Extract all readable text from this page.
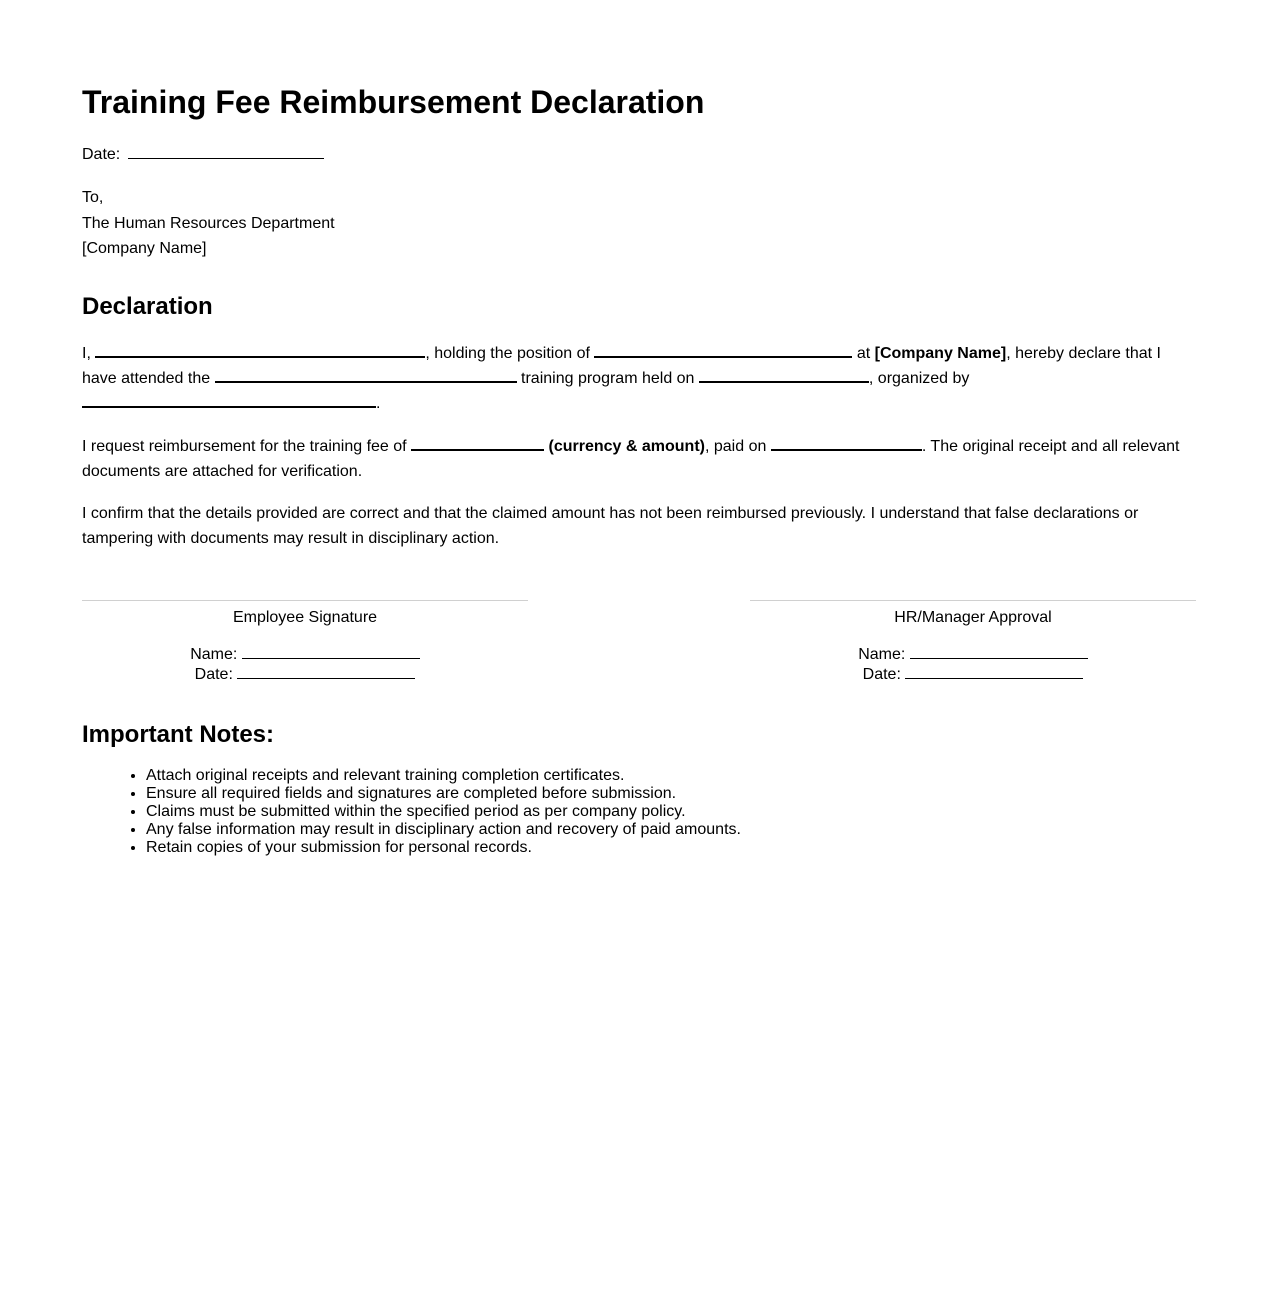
Training Fee Reimbursement Declaration
Date:
To,
The Human Resources Department
[Company Name]
Declaration

I,	, holding the position of	at [Company Name], hereby declare that I have attended the	training program held on	, organized by
.

I request reimbursement for the training fee of	(currency & amount), paid on	. The original receipt and all relevant documents are attached for verification.

I confirm that the details provided are correct and that the claimed amount has not been reimbursed previously. I understand that false declarations or tampering with documents may result in disciplinary action.

Employee Signature
Name:
Date:
HR/Manager Approval
Name:
Date:
Important Notes:
• Attach original receipts and relevant training completion certificates.
• Ensure all required fields and signatures are completed before submission.
• Claims must be submitted within the specified period as per company policy.
• Any false information may result in disciplinary action and recovery of paid amounts.
• Retain copies of your submission for personal records.
